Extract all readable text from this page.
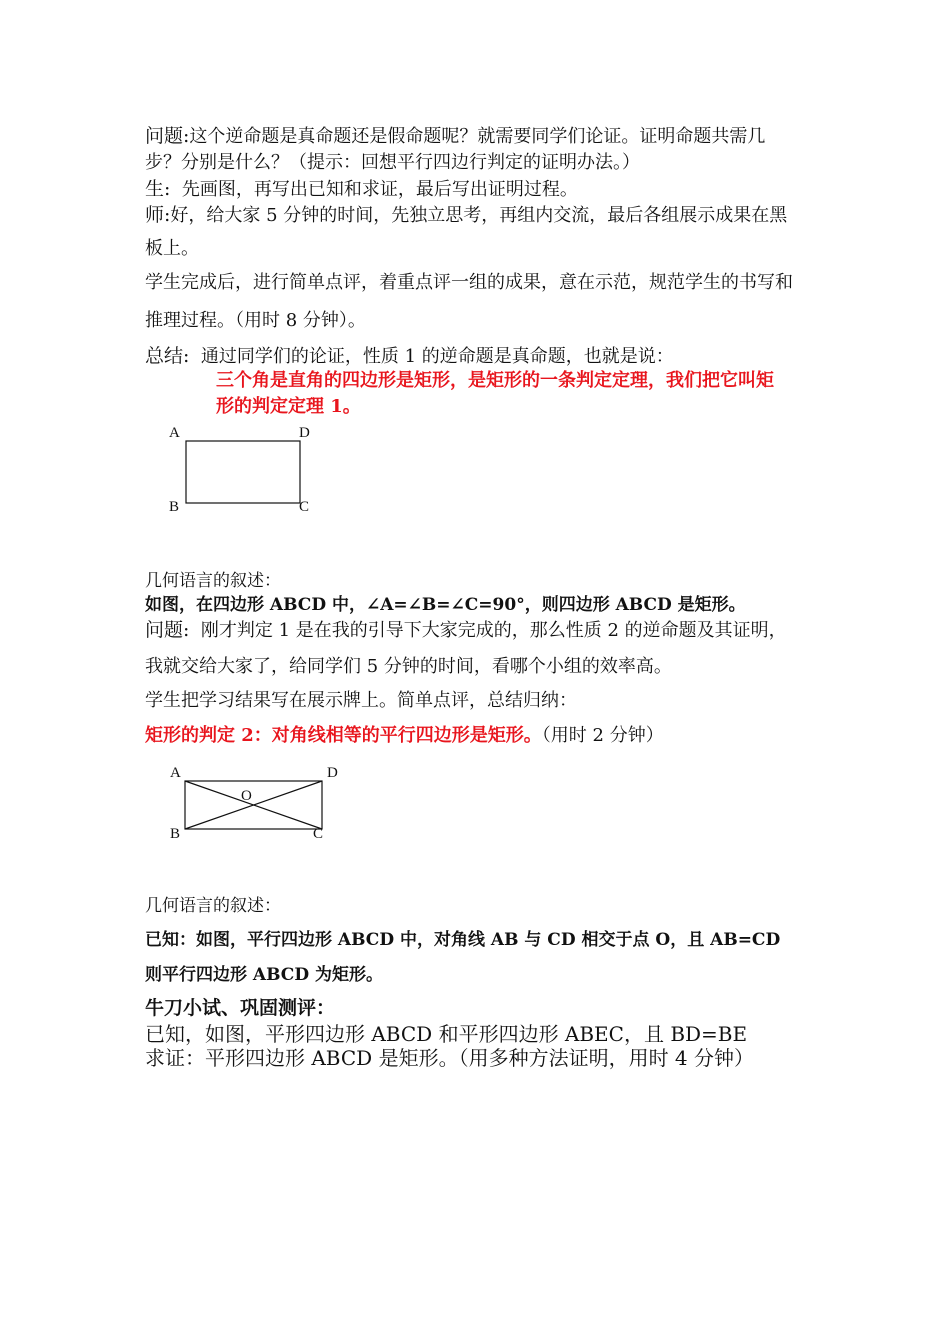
问题:这个逆命题是真命题还是假命题呢？就需要同学们论证。证明命题共需几
步？分别是什么？（提示：回想平行四边行判定的证明办法。）
生: 先画图，再写出已知和求证，最后写出证明过程。
师:好，给大家 5 分钟的时间，先独立思考，再组内交流，最后各组展示成果在黑
板上。
学生完成后，进行简单点评，着重点评一组的成果，意在示范，规范学生的书写和
推理过程。（用时 8 分钟）。
总结: 通过同学们的论证，性质 1 的逆命题是真命题，也就是说：
三个角是直角的四边形是矩形，是矩形的一条判定定理，我们把它叫矩
形的判定定理 1。
A	D
B	C
几何语言的叙述：
如图，在四边形 ABCD 中，∠A=∠B=∠C=90°，则四边形 ABCD 是矩形。
问题: 刚才判定 1 是在我的引导下大家完成的，那么性质 2 的逆命题及其证明，
我就交给大家了，给同学们 5 分钟的时间，看哪个小组的效率高。
学生把学习结果写在展示牌上。简单点评，总结归纳：
矩形的判定 2：对角线相等的平行四边形是矩形。（用时 2 分钟）
A	D
B	C
O
几何语言的叙述：
已知：如图，平行四边形 ABCD 中，对角线 AB 与 CD 相交于点 O，且 AB=CD
则平行四边形 ABCD 为矩形。
牛刀小试、巩固测评：
已知，如图，平形四边形 ABCD 和平形四边形 ABEC，且 BD=BE
求证：平形四边形 ABCD 是矩形。（用多种方法证明，用时 4 分钟）
